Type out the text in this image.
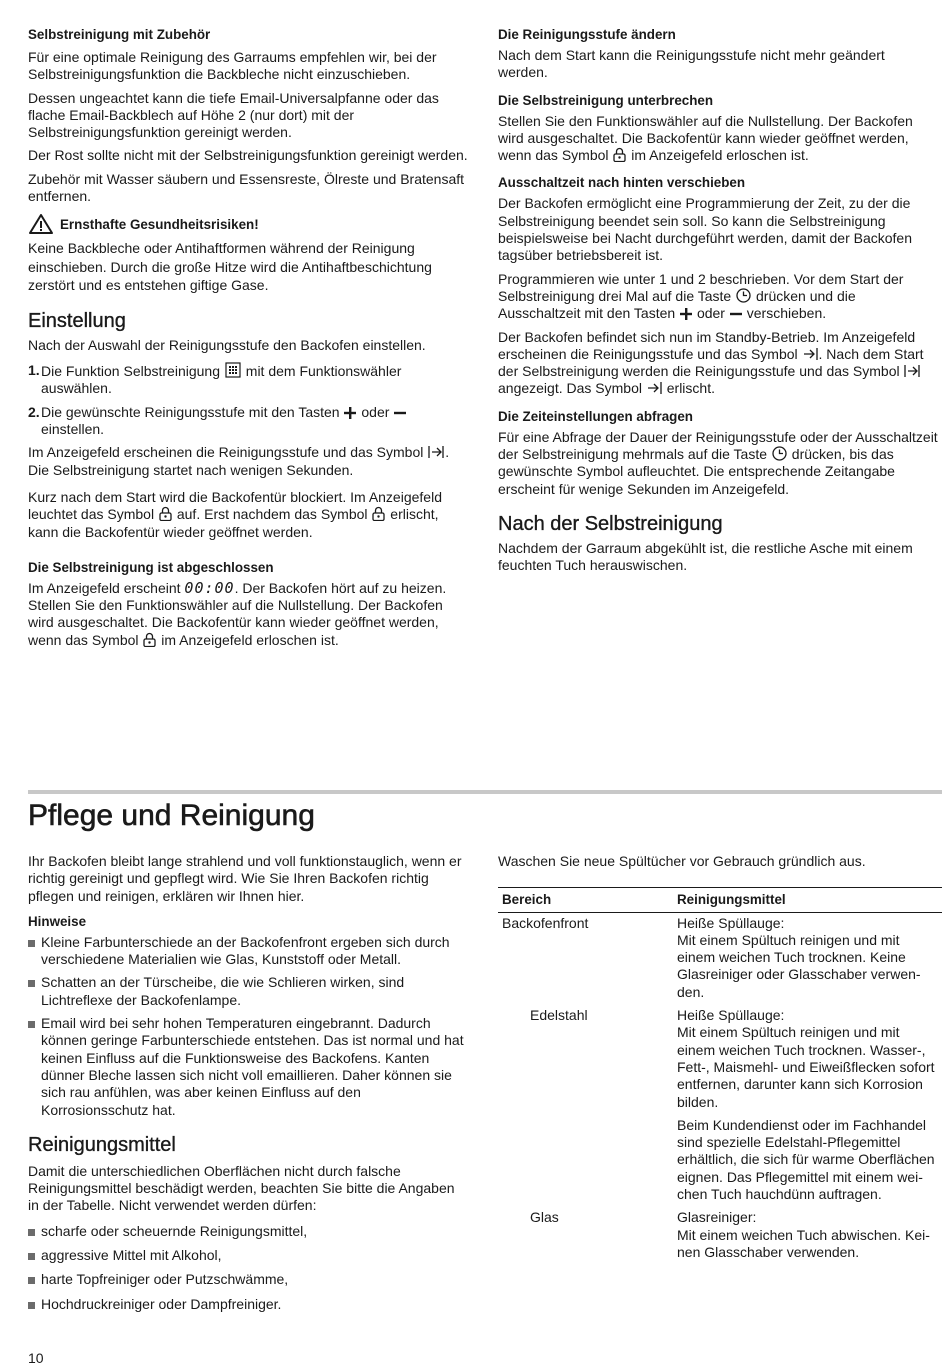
Selbstreinigung mit Zubehör

Für eine optimale Reinigung des Garraums empfehlen wir, bei der Selbstreinigungsfunktion die Backbleche nicht einzuschieben.

Dessen ungeachtet kann die tiefe Email-Universalpfanne oder das flache Email-Backblech auf Höhe 2 (nur dort) mit der Selbstreinigungsfunktion gereinigt werden.

Der Rost sollte nicht mit der Selbstreinigungsfunktion gereinigt werden.

Zubehör mit Wasser säubern und Essensreste, Ölreste und Bratensaft entfernen.

Ernsthafte Gesundheitsrisiken!

Keine Backbleche oder Antihaftformen während der Reinigung einschieben. Durch die große Hitze wird die Antihaftbeschichtung zerstört und es entstehen giftige Gase.

Einstellung

Nach der Auswahl der Reinigungsstufe den Backofen einstellen.

1. Die Funktion Selbstreinigung mit dem Funktionswähler auswählen.
2. Die gewünschte Reinigungsstufe mit den Tasten oder  einstellen.

Im Anzeigefeld erscheinen die Reinigungsstufe und das Symbol . Die Selbstreinigung startet nach wenigen Sekunden.

Kurz nach dem Start wird die Backofentür blockiert. Im Anzeigefeld leuchtet das Symbol auf. Erst nachdem das Symbol erlischt, kann die Backofentür wieder geöffnet werden.

Die Selbstreinigung ist abgeschlossen

Im Anzeigefeld erscheint 00:00. Der Backofen hört auf zu heizen. Stellen Sie den Funktionswähler auf die Nullstellung. Der Backofen wird ausgeschaltet. Die Backofentür kann wieder geöffnet werden, wenn das Symbol im Anzeigefeld erloschen ist.

Die Reinigungsstufe ändern

Nach dem Start kann die Reinigungsstufe nicht mehr geändert werden.

Die Selbstreinigung unterbrechen

Stellen Sie den Funktionswähler auf die Nullstellung. Der Backofen wird ausgeschaltet. Die Backofentür kann wieder geöffnet werden, wenn das Symbol im Anzeigefeld erloschen ist.

Ausschaltzeit nach hinten verschieben

Der Backofen ermöglicht eine Programmierung der Zeit, zu der die Selbstreinigung beendet sein soll. So kann die Selbstreinigung beispielsweise bei Nacht durchgeführt werden, damit der Backofen tagsüber betriebsbereit ist.

Programmieren wie unter 1 und 2 beschrieben. Vor dem Start der Selbstreinigung drei Mal auf die Taste drücken und die Ausschaltzeit mit den Tasten oder verschieben.

Der Backofen befindet sich nun im Standby-Betrieb. Im Anzeigefeld erscheinen die Reinigungsstufe und das Symbol . Nach dem Start der Selbstreinigung werden die Reinigungsstufe und das Symbol  angezeigt. Das Symbol erlischt.

Die Zeiteinstellungen abfragen

Für eine Abfrage der Dauer der Reinigungsstufe oder der Ausschaltzeit der Selbstreinigung mehrmals auf die Taste drücken, bis das gewünschte Symbol aufleuchtet. Die entsprechende Zeitangabe erscheint für wenige Sekunden im Anzeigefeld.

Nach der Selbstreinigung

Nachdem der Garraum abgekühlt ist, die restliche Asche mit einem feuchten Tuch herauswischen.

Pflege und Reinigung

Ihr Backofen bleibt lange strahlend und voll funktionstauglich, wenn er richtig gereinigt und gepflegt wird. Wie Sie Ihren Backofen richtig pflegen und reinigen, erklären wir Ihnen hier.

Hinweise
Kleine Farbunterschiede an der Backofenfront ergeben sich durch verschiedene Materialien wie Glas, Kunststoff oder Metall.
Schatten an der Türscheibe, die wie Schlieren wirken, sind Lichtreflexe der Backofenlampe.
Email wird bei sehr hohen Temperaturen eingebrannt. Dadurch können geringe Farbunterschiede entstehen. Das ist normal und hat keinen Einfluss auf die Funktionsweise des Backofens. Kanten dünner Bleche lassen sich nicht voll emaillieren. Daher können sie sich rau anfühlen, was aber keinen Einfluss auf den Korrosionsschutz hat.
Reinigungsmittel

Damit die unterschiedlichen Oberflächen nicht durch falsche Reinigungsmittel beschädigt werden, beachten Sie bitte die Angaben in der Tabelle. Nicht verwendet werden dürfen:

scharfe oder scheuernde Reinigungsmittel,
aggressive Mittel mit Alkohol,
harte Topfreiniger oder Putzschwämme,
Hochdruckreiniger oder Dampfreiniger.

Waschen Sie neue Spültücher vor Gebrauch gründlich aus.

Bereich	Reinigungsmittel
Backofenfront	Heiße Spüllauge:
Mit einem Spültuch reinigen und mit einem weichen Tuch trocknen. Keine Glasreiniger oder Glasschaber verwenden.

Edelstahl	Heiße Spüllauge:
Mit einem Spültuch reinigen und mit einem weichen Tuch trocknen. Wasser-, Fett-, Maismehl- und Eiweißflecken sofort entfernen, darunter kann sich Korrosion bilden.

	Beim Kundendienst oder im Fachhandel sind spezielle Edelstahl-Pflegemittel erhältlich, die sich für warme Oberflächen eignen. Das Pflegemittel mit einem weichen Tuch hauchdünn auftragen.

Glas	Glasreiniger:
Mit einem weichen Tuch abwischen. Keinen Glasschaber verwenden.
10
